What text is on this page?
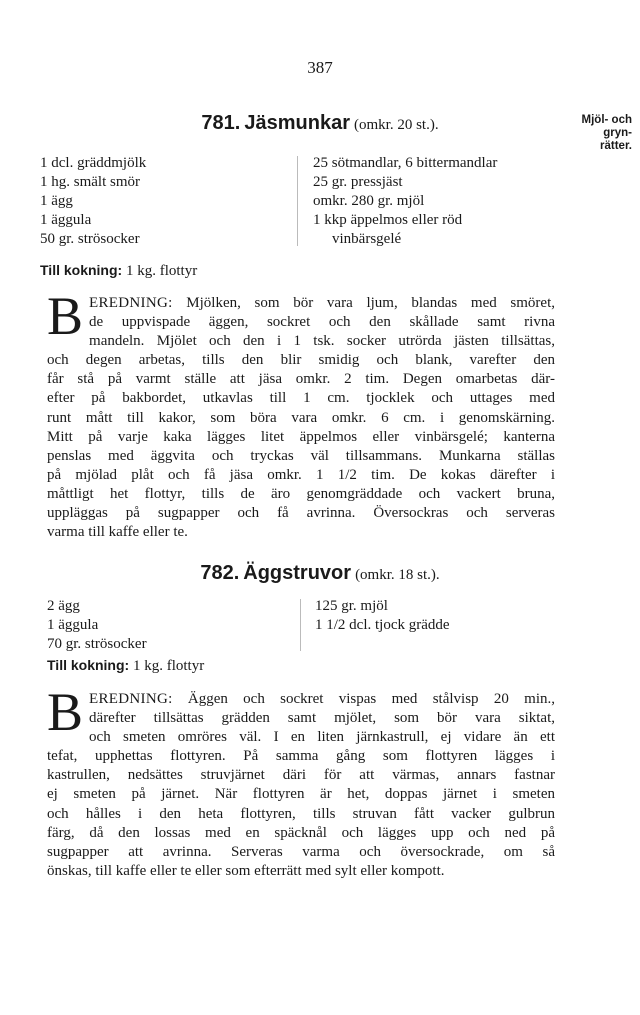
387
Mjöl- och
gryn-
rätter.
781. Jäsmunkar (omkr. 20 st.).
1 dcl. gräddmjölk
1 hg. smält smör
1 ägg
1 äggula
50 gr. strösocker
25 sötmandlar, 6 bittermandlar
25 gr. pressjäst
omkr. 280 gr. mjöl
1 kkp äppelmos eller röd
vinbärsgelé
Till kokning: 1 kg. flottyr
B EREDNING: Mjölken, som bör vara ljum, blandas med smöret,
de uppvispade äggen, sockret och den skållade samt rivna
mandeln. Mjölet och den i 1 tsk. socker utrörda jästen tillsättas,
och degen arbetas, tills den blir smidig och blank, varefter den
får stå på varmt ställe att jäsa omkr. 2 tim. Degen omarbetas där-
efter på bakbordet, utkavlas till 1 cm. tjocklek och uttages med
runt mått till kakor, som böra vara omkr. 6 cm. i genomskärning.
Mitt på varje kaka lägges litet äppelmos eller vinbärsgelé; kanterna
penslas med äggvita och tryckas väl tillsammans. Munkarna ställas
på mjölad plåt och få jäsa omkr. 1 1/2 tim. De kokas därefter i
måttligt het flottyr, tills de äro genomgräddade och vackert bruna,
uppläggas på sugpapper och få avrinna. Översockras och serveras
varma till kaffe eller te.
782. Äggstruvor (omkr. 18 st.).
2 ägg
1 äggula
70 gr. strösocker
125 gr. mjöl
1 1/2 dcl. tjock grädde
Till kokning: 1 kg. flottyr
B EREDNING: Äggen och sockret vispas med stålvisp 20 min.,
därefter tillsättas grädden samt mjölet, som bör vara siktat,
och smeten omröres väl. I en liten järnkastrull, ej vidare än ett
tefat, upphettas flottyren. På samma gång som flottyren lägges i
kastrullen, nedsättes struvjärnet däri för att värmas, annars fastnar
ej smeten på järnet. När flottyren är het, doppas järnet i smeten
och hålles i den heta flottyren, tills struvan fått vacker gulbrun
färg, då den lossas med en späcknål och lägges upp och ned på
sugpapper att avrinna. Serveras varma och översockrade, om så
önskas, till kaffe eller te eller som efterrätt med sylt eller kompott.
